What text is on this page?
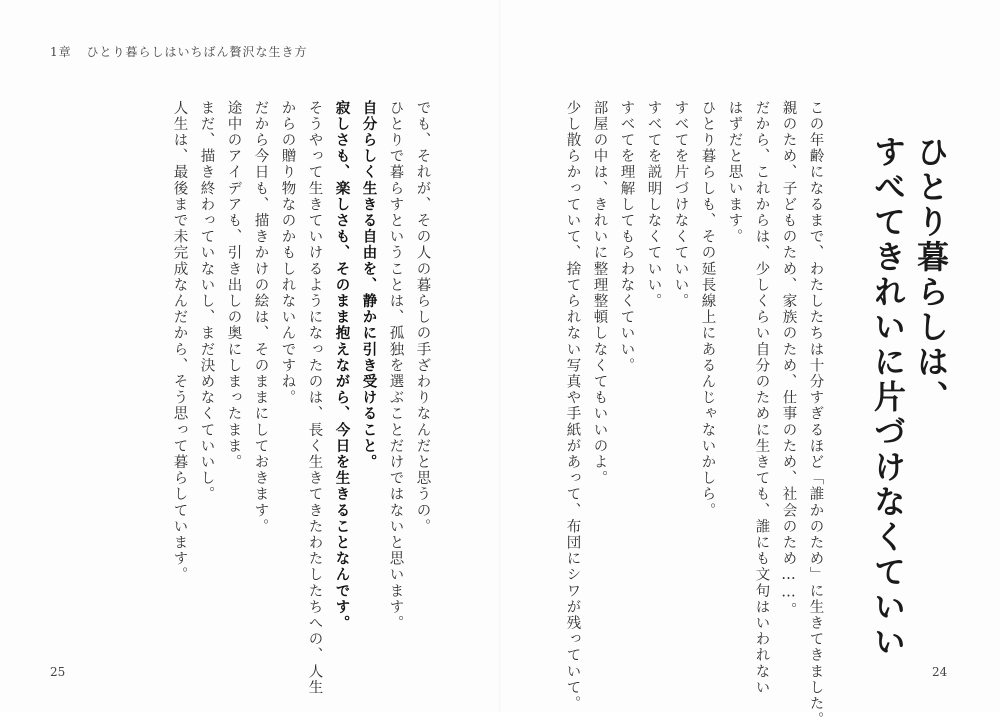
1章 ひとり暮らしはいちばん贅沢な生き方
ひとり暮らしは、
すべてきれいに片づけなくていい
この年齢になるまで、わたしたちは十分すぎるほど「誰かのため」に生きてきました。
親のため、子どものため、家族のため、仕事のため、社会のため……。
だから、これからは、少しくらい自分のために生きても、誰にも文句はいわれない
はずだと思います。
ひとり暮らしも、その延長線上にあるんじゃないかしら。
すべてを片づけなくていい。
すべてを説明しなくていい。
すべてを理解してもらわなくていい。
部屋の中は、きれいに整理整頓しなくてもいいのよ。
少し散らかっていて、捨てられない写真や手紙があって、布団にシワが残っていて。
でも、それが、その人の暮らしの手ざわりなんだと思うの。
ひとりで暮らすということは、孤独を選ぶことだけではないと思います。
自分らしく生きる自由を、静かに引き受けること。
寂しさも、楽しさも、そのまま抱えながら、今日を生きることなんです。
そうやって生きていけるようになったのは、長く生きてきたわたしたちへの、人生
からの贈り物なのかもしれないんですね。
だから今日も、描きかけの絵は、そのままにしておきます。
途中のアイデアも、引き出しの奥にしまったまま。
まだ、描き終わっていないし、まだ決めなくていいし。
人生は、最後まで未完成なんだから、そう思って暮らしています。
25	24
